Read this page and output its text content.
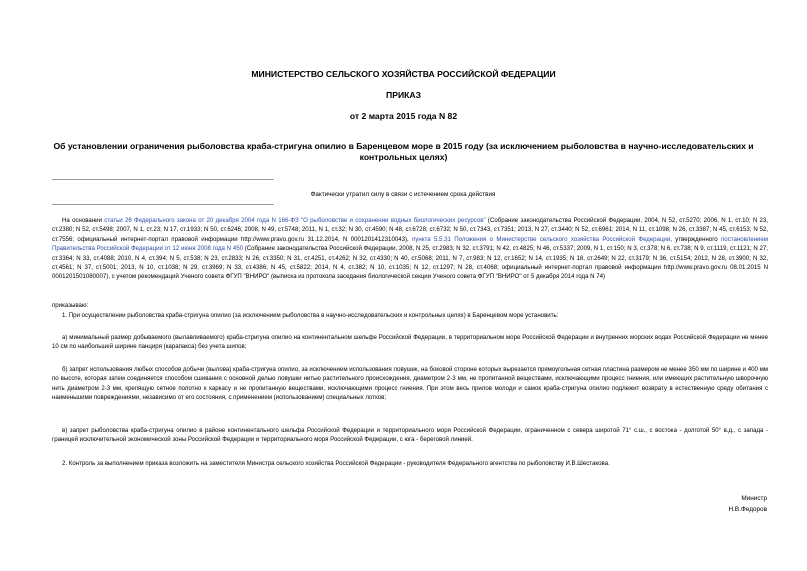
МИНИСТЕРСТВО СЕЛЬСКОГО ХОЗЯЙСТВА РОССИЙСКОЙ ФЕДЕРАЦИИ
ПРИКАЗ
от 2 марта 2015 года N 82
Об установлении ограничения рыболовства краба-стригуна опилио в Баренцевом море в 2015 году (за исключением рыболовства в научно-исследовательских и
контрольных целях)
Фактически утратил силу в связи с истечением срока действия
На основании статьи 26 Федерального закона от 20 декабря 2004 года N 166-ФЗ "О рыболовстве и сохранении водных биологических ресурсов" (Собрание законодательства Российской Федерации, 2004, N 52, ст.5270; 2006, N 1, ст.10; N 23, ст.2380; N 52, ст.5498; 2007, N 1, ст.23; N 17, ст.1933; N 50, ст.6246; 2008, N 49, ст.5748; 2011, N 1, ст.32; N 30, ст.4590; N 48, ст.6728; ст.6732; N 50, ст.7343, ст.7351; 2013, N 27, ст.3440; N 52, ст.6961; 2014, N 11, ст.1098; N 26, ст.3387; N 45, ст.6153; N 52, ст.7556; официальный интернет-портал правовой информации http://www.pravo.gov.ru 31.12.2014, N 0001201412310043), пункта 5.5.31 Положения о Министерстве сельского хозяйства Российской Федерации, утвержденного постановлением Правительства Российской Федерации от 12 июня 2008 года N 450 (Собрание законодательства Российской Федерации, 2008, N 25, ст.2983; N 32, ст.3791; N 42, ст.4825; N 46, ст.5337; 2009, N 1, ст.150; N 3, ст.378; N 6, ст.738; N 9, ст.1119, ст.1121; N 27, ст.3364; N 33, ст.4088; 2010, N 4, ст.394; N 5, ст.538; N 23, ст.2833; N 26, ст.3350; N 31, ст.4251, ст.4262; N 32, ст.4330; N 40, ст.5068; 2011, N 7, ст.983; N 12, ст.1652; N 14, ст.1935; N 18, ст.2649; N 22, ст.3179; N 36, ст.5154; 2012, N 28, ст.3900; N 32, ст.4561; N 37, ст.5001; 2013, N 10, ст.1038; N 29, ст.3969; N 33, ст.4386; N 45, ст.5822; 2014, N 4, ст.382; N 10, ст.1035; N 12, ст.1297; N 28, ст.4068; официальный интернет-портал правовой информации http://www.pravo.gov.ru 08.01.2015 N 0001201501080007), с учетом рекомендаций Ученого совета ФГУП "ВНИРО" (выписка из протокола заседания биологической секции Ученого совета ФГУП "ВНИРО" от 5 декабря 2014 года N 74)
приказываю:
1. При осуществлении рыболовства краба-стригуна опилио (за исключением рыболовства в научно-исследовательских и контрольных целях) в Баренцевом море установить:
а) минимальный размер добываемого (вылавливаемого) краба-стригуна опилио на континентальном шельфе Российской Федерации, в территориальном море Российской Федерации и внутренних морских водах Российской Федерации не менее 10 см по наибольшей ширине панциря (карапакса) без учета шипов;
б) запрет использования любых способов добычи (вылова) краба-стригуна опилио, за исключением использования ловушек, на боковой стороне которых вырезается прямоугольная сетная пластина размером не менее 350 мм по ширине и 400 мм по высоте, которая затем соединяется способом сшивания с основной делью ловушки нитью растительного происхождения, диаметром 2-3 мм, не пропитанной веществами, исключающими процесс гниения, или имеющих растительную шворочную нить диаметром 2-3 мм, крепящую сетное полотно к каркасу и не пропитанную веществами, исключающими процесс гниения. При этом весь прилов молоди и самок краба-стригуна опилио подлежит возврату в естественную среду обитания с наименьшими повреждениями, независимо от его состояния, с применением (использованием) специальных лотков;
в) запрет рыболовства краба-стригуна опилио в районе континентального шельфа Российской Федерации и территориального моря Российской Федерации, ограниченном с севера широтой 71° с.ш., с востока - долготой 50° в.д., с запада - границей исключительной экономической зоны Российской Федерации и территориального моря Российской Федерации, с юга - береговой линией.
2. Контроль за выполнением приказа возложить на заместителя Министра сельского хозяйства Российской Федерации - руководителя Федерального агентства по рыболовству И.В.Шестакова.
Министр
Н.В.Федоров
